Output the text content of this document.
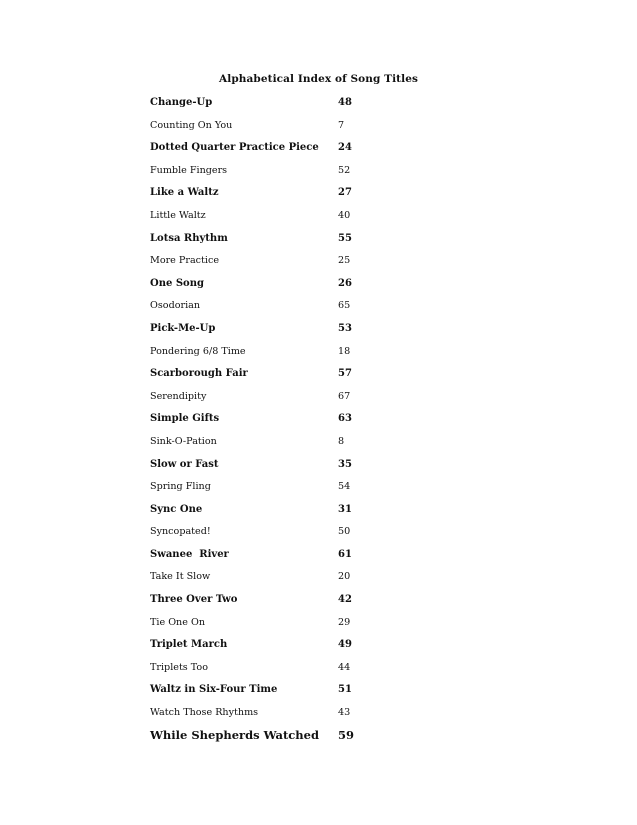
Alphabetical Index of Song Titles
Change-Up	48
Counting On You	7
Dotted Quarter Practice Piece 24
Fumble Fingers	52
Like a Waltz	27
Little Waltz	40
Lotsa Rhythm	55
More Practice	25
One Song	26
Osodorian	65
Pick-Me-Up	53
Pondering 6/8 Time	18
Scarborough Fair	57
Serendipity	67
Simple Gifts	63
Sink-O-Pation	8
Slow or Fast	35
Spring Fling	54
Sync One	31
Syncopated!	50
Swanee  River	61
Take It Slow	20
Three Over Two	42
Tie One On	29
Triplet March	49
Triplets Too	44
Waltz in Six-Four Time	51
Watch Those Rhythms	43
While Shepherds Watched 59
